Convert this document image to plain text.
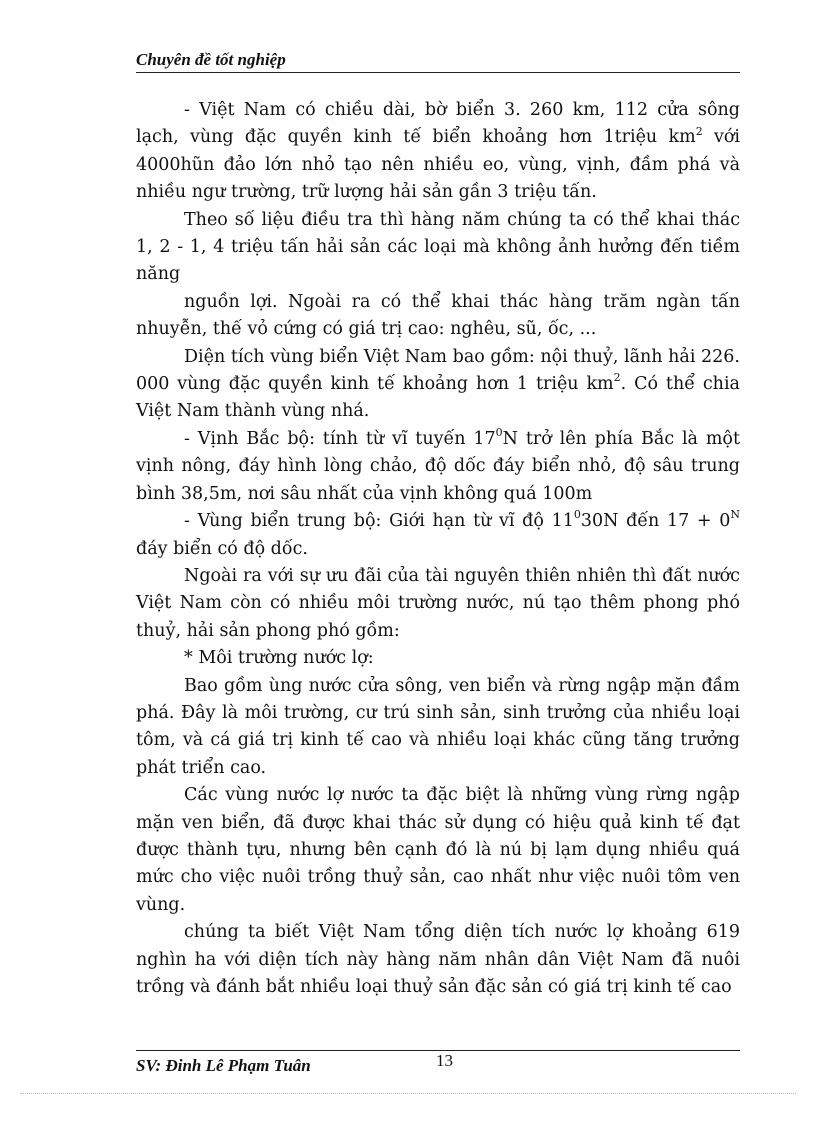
Chuyên đề tốt nghiệp

- Việt Nam có chiều dài, bờ biển 3. 260 km, 112 cửa sông lạch, vùng đặc quyền kinh tế biển khoảng hơn 1triệu $km^2$ với 4000hũn đảo lớn nhỏ tạo nên nhiều eo, vùng, vịnh, đầm phá và nhiều ngư trường, trữ lượng hải sản gần 3 triệu tấn.

Theo số liệu điều tra thì hàng năm chúng ta có thể khai thác 1, 2 - 1, 4 triệu tấn hải sản các loại mà không ảnh hưởng đến tiềm năng

nguồn lợi. Ngoài ra có thể khai thác hàng trăm ngàn tấn nhuyễn, thế vỏ cứng có giá trị cao: nghêu, sũ, ốc, ...

Diện tích vùng biển Việt Nam bao gồm: nội thuỷ, lãnh hải 226. 000 vùng đặc quyền kinh tế khoảng hơn 1 triệu $km^2$. Có thể chia Việt Nam thành vùng nhá.

- Vịnh Bắc bộ: tính từ vĩ tuyến $17^0N$ trở lên phía Bắc là một vịnh nông, đáy hình lòng chảo, độ dốc đáy biển nhỏ, độ sâu trung bình 38,5m, nơi sâu nhất của vịnh không quá 100m

- Vùng biển trung bộ: Giới hạn từ vĩ độ $11^030N$ đến $17 + 0^N$ đáy biển có độ dốc.

Ngoài ra với sự ưu đãi của tài nguyên thiên nhiên thì đất nước Việt Nam còn có nhiều môi trường nước, nú tạo thêm phong phó thuỷ, hải sản phong phó gồm:

* Môi trường nước lợ:

Bao gồm ùng nước cửa sông, ven biển và rừng ngập mặn đầm phá. Đây là môi trường, cư trú sinh sản, sinh trưởng của nhiều loại tôm, và cá giá trị kinh tế cao và nhiều loại khác cũng tăng trưởng phát triển cao.

Các vùng nước lợ nước ta đặc biệt là những vùng rừng ngập mặn ven biển, đã được khai thác sử dụng có hiệu quả kinh tế đạt được thành tựu, nhưng bên cạnh đó là nú bị lạm dụng nhiều quá mức cho việc nuôi trồng thuỷ sản, cao nhất như việc nuôi tôm ven vùng.

chúng ta biết Việt Nam tổng diện tích nước lợ khoảng 619 nghìn ha với diện tích này hàng năm nhân dân Việt Nam đã nuôi trồng và đánh bắt nhiều loại thuỷ sản đặc sản có giá trị kinh tế cao

SV: Đinh Lê Phạm Tuân	13
